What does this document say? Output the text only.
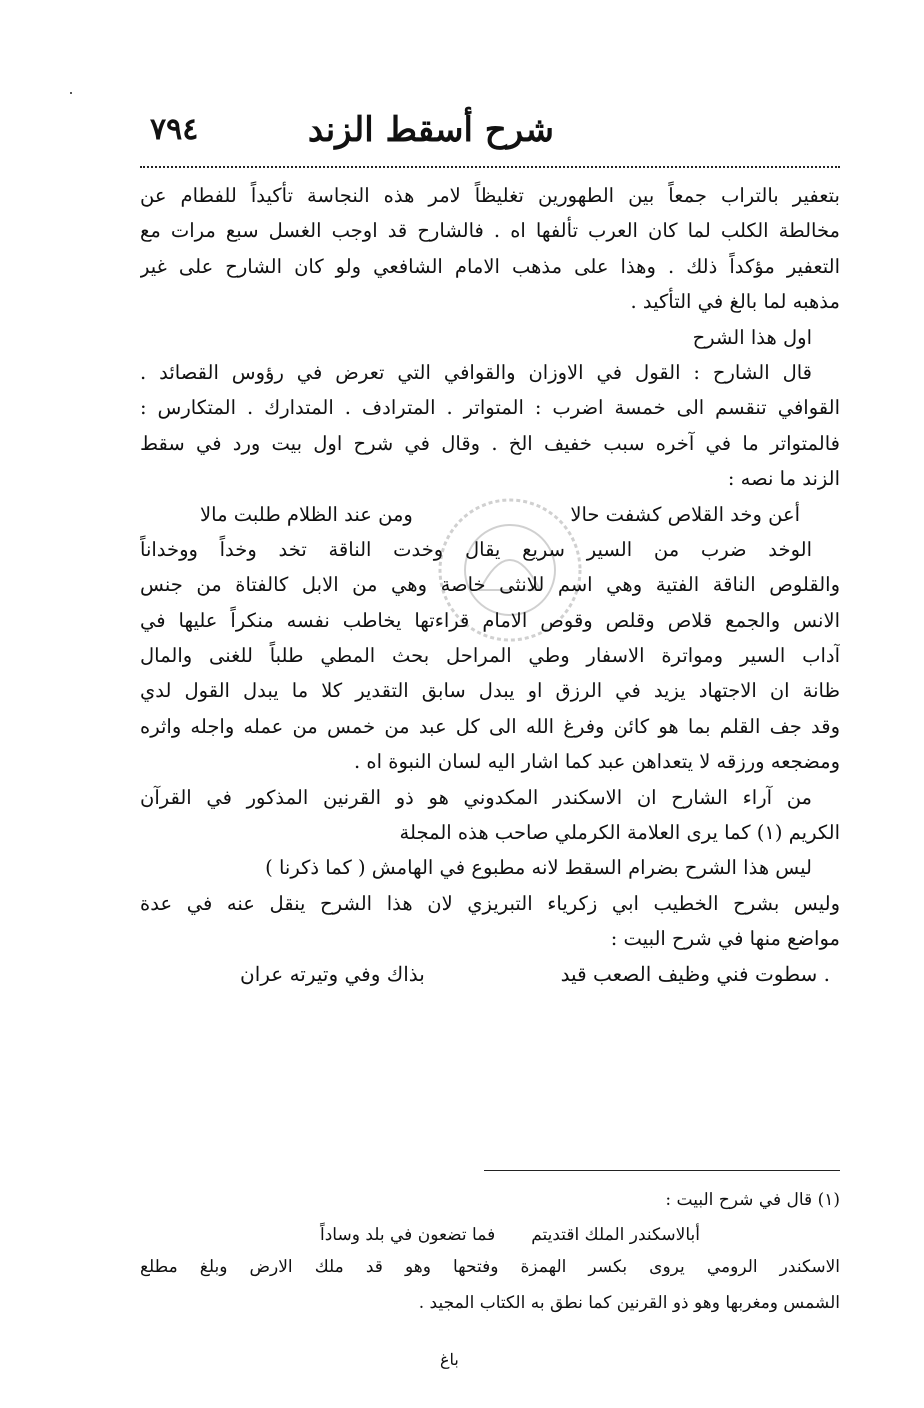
شرح أسقط الزند
٧٩٤
بتعفير بالتراب جمعاً بين الطهورين تغليظاً لامر هذه النجاسة تأكيداً للفطام عن
مخالطة الكلب لما كان العرب تألفها اه . فالشارح قد اوجب الغسل سبع مرات مع
التعفير مؤكداً ذلك . وهذا على مذهب الامام الشافعي ولو كان الشارح على غير
مذهبه لما بالغ في التأكيد .
اول هذا الشرح
قال الشارح : القول في الاوزان والقوافي التي تعرض في رؤوس القصائد .
القوافي تنقسم الى خمسة اضرب : المتواتر . المترادف . المتدارك . المتكارس :
فالمتواتر ما في آخره سبب خفيف الخ . وقال في شرح اول بيت ورد في سقط
الزند ما نصه :
أعن وخد القلاص كشفت حالا
ومن عند الظلام طلبت مالا
الوخد ضرب من السير سريع يقال وخدت الناقة تخد وخداً ووخداناً
والقلوص الناقة الفتية وهي اسم للانثى خاصة وهي من الابل كالفتاة من جنس
الانس والجمع قلاص وقلص وقوص الامام قراءتها يخاطب نفسه منكراً عليها في
آداب السير ومواترة الاسفار وطي المراحل بحث المطي طلباً للغنى والمال
ظانة ان الاجتهاد يزيد في الرزق او يبدل سابق التقدير كلا ما يبدل القول لدي
وقد جف القلم بما هو كائن وفرغ الله الى كل عبد من خمس من عمله واجله واثره
ومضجعه ورزقه لا يتعداهن عبد كما اشار اليه لسان النبوة اه .
من آراء الشارح ان الاسكندر المكدوني هو ذو القرنين المذكور في القرآن
الكريم (١) كما يرى العلامة الكرملي صاحب هذه المجلة
ليس هذا الشرح بضرام السقط لانه مطبوع في الهامش ( كما ذكرنا )
وليس بشرح الخطيب ابي زكرياء التبريزي لان هذا الشرح ينقل عنه في عدة
مواضع منها في شرح البيت :
. سطوت فني وظيف الصعب قيد
بذاك وفي وتيرته عران
(١) قال في شرح البيت :
أبالاسكندر الملك اقتديتم
فما تضعون في بلد وساداً
الاسكندر الرومي يروى بكسر الهمزة وفتحها وهو قد ملك الارض وبلغ مطلع
الشمس ومغربها وهو ذو القرنين كما نطق به الكتاب المجيد .
باغ
